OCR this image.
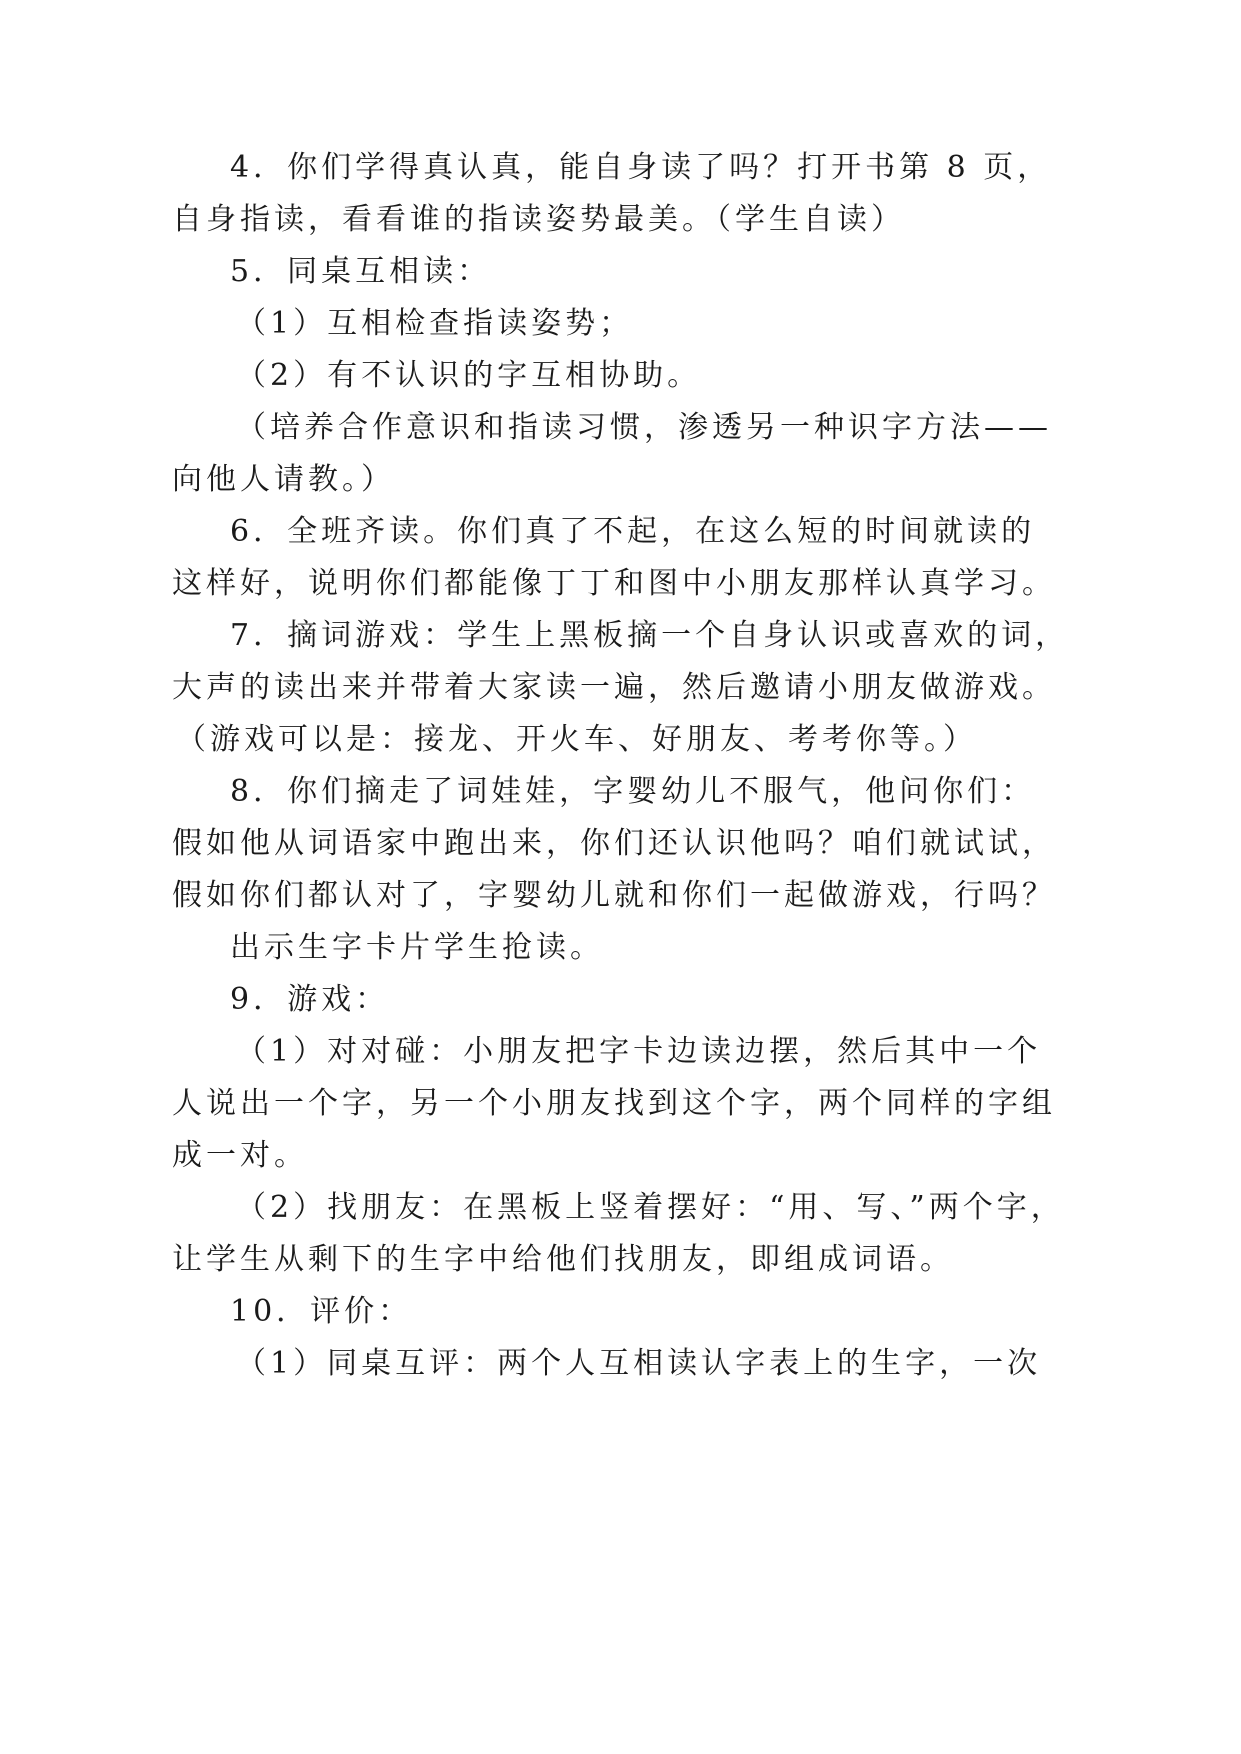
4．你们学得真认真，能自身读了吗？打开书第 8 页，
自身指读，看看谁的指读姿势最美。（学生自读）
5．同桌互相读：
（1）互相检查指读姿势；
（2）有不认识的字互相协助。
（培养合作意识和指读习惯，渗透另一种识字方法——
向他人请教。）
6．全班齐读。你们真了不起，在这么短的时间就读的
这样好，说明你们都能像丁丁和图中小朋友那样认真学习。
7．摘词游戏：学生上黑板摘一个自身认识或喜欢的词，
大声的读出来并带着大家读一遍，然后邀请小朋友做游戏。
（游戏可以是：接龙、开火车、好朋友、考考你等。）
8．你们摘走了词娃娃，字婴幼儿不服气，他问你们：
假如他从词语家中跑出来，你们还认识他吗？咱们就试试，
假如你们都认对了，字婴幼儿就和你们一起做游戏，行吗？
出示生字卡片学生抢读。
9．游戏：
（1）对对碰：小朋友把字卡边读边摆，然后其中一个
人说出一个字，另一个小朋友找到这个字，两个同样的字组
成一对。
（2）找朋友：在黑板上竖着摆好：“用、写、”两个字，
让学生从剩下的生字中给他们找朋友，即组成词语。
10．评价：
（1）同桌互评：两个人互相读认字表上的生字，一次
